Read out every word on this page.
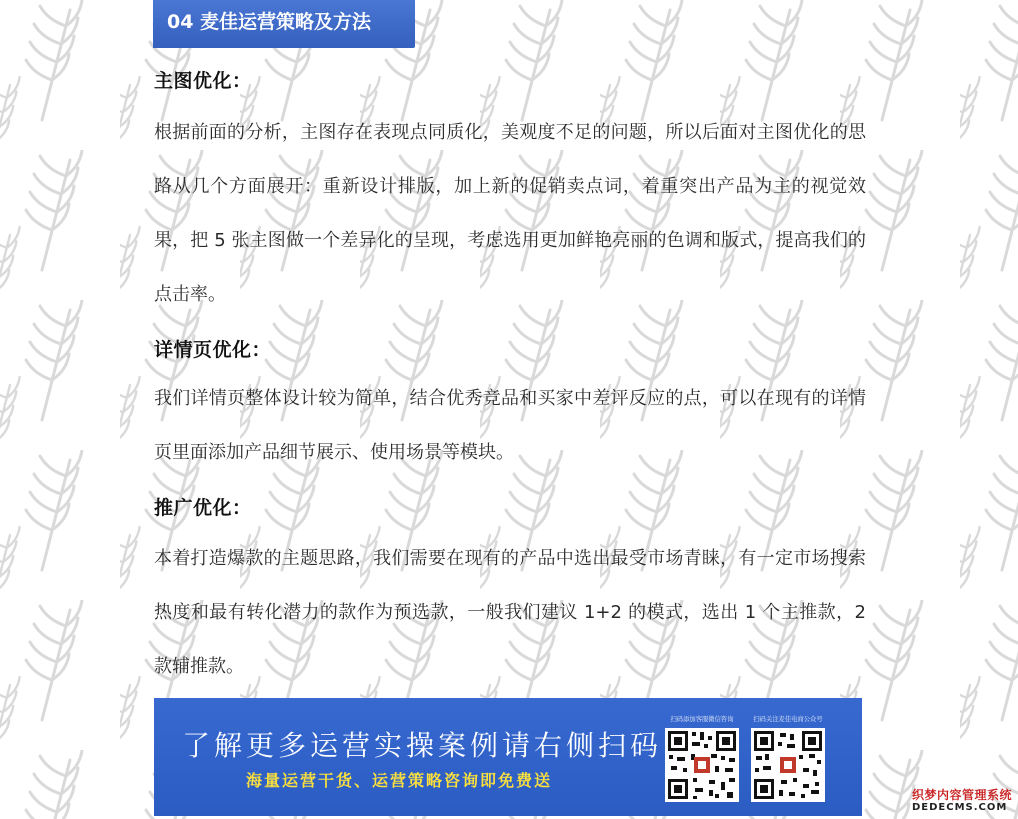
04 麦佳运营策略及方法
主图优化：
根据前面的分析，主图存在表现点同质化，美观度不足的问题，所以后面对主图优化的思路从几个方面展开：重新设计排版，加上新的促销卖点词，着重突出产品为主的视觉效果，把 5 张主图做一个差异化的呈现，考虑选用更加鲜艳亮丽的色调和版式，提高我们的点击率。
详情页优化：
我们详情页整体设计较为简单，结合优秀竞品和买家中差评反应的点，可以在现有的详情页里面添加产品细节展示、使用场景等模块。
推广优化：
本着打造爆款的主题思路，我们需要在现有的产品中选出最受市场青睐，有一定市场搜索热度和最有转化潜力的款作为预选款，一般我们建议 1+2 的模式，选出 1 个主推款，2 款辅推款。
了解更多运营实操案例请右侧扫码
海量运营干货、运营策略咨询即免费送
扫码添加客服微信咨询	扫码关注麦佳电商公众号
织梦内容管理系统
DEDECMS.COM
